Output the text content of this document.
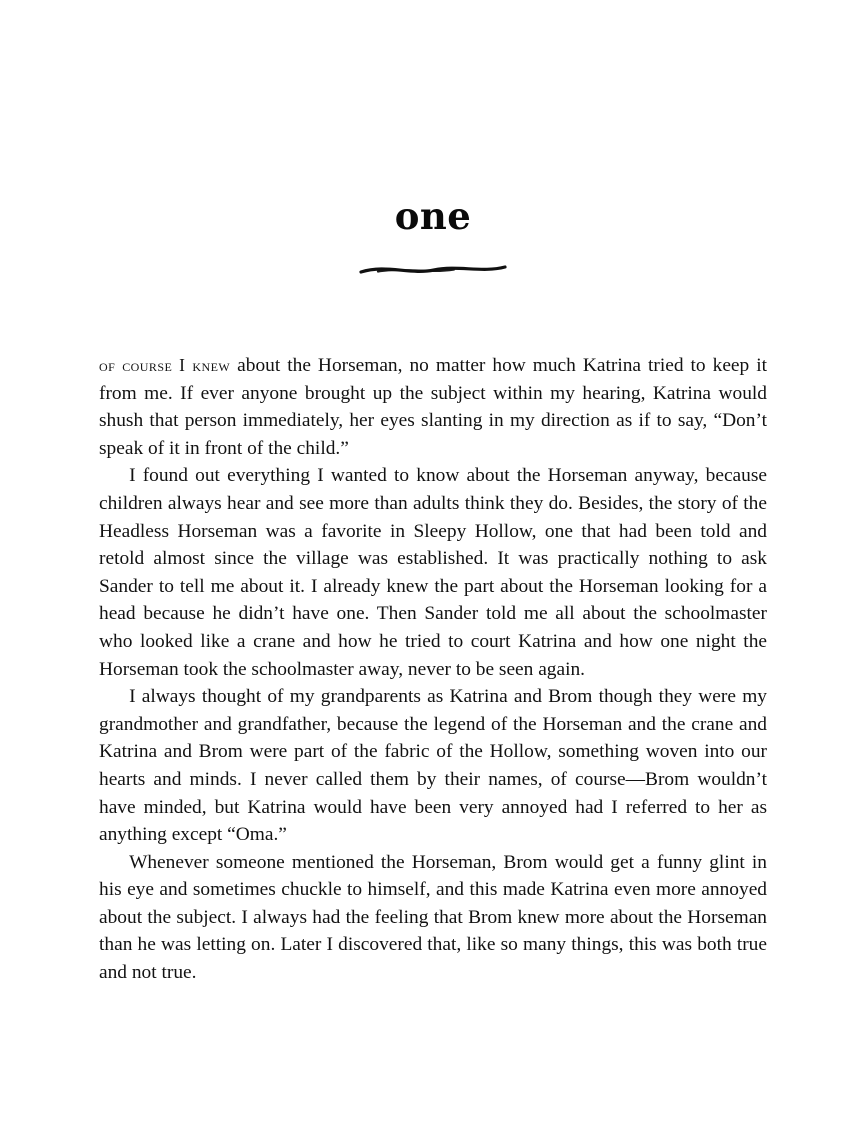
one

of course I knew about the Horseman, no matter how much Katrina tried to keep it from me. If ever anyone brought up the subject within my hearing, Katrina would shush that person immediately, her eyes slanting in my direction as if to say, “Don’t speak of it in front of the child.”

I found out everything I wanted to know about the Horseman anyway, because children always hear and see more than adults think they do. Besides, the story of the Headless Horseman was a favorite in Sleepy Hollow, one that had been told and retold almost since the village was established. It was practically nothing to ask Sander to tell me about it. I already knew the part about the Horseman looking for a head because he didn’t have one. Then Sander told me all about the schoolmaster who looked like a crane and how he tried to court Katrina and how one night the Horseman took the schoolmaster away, never to be seen again.

I always thought of my grandparents as Katrina and Brom though they were my grandmother and grandfather, because the legend of the Horseman and the crane and Katrina and Brom were part of the fabric of the Hollow, something woven into our hearts and minds. I never called them by their names, of course—Brom wouldn’t have minded, but Katrina would have been very annoyed had I referred to her as anything except “Oma.”

Whenever someone mentioned the Horseman, Brom would get a funny glint in his eye and sometimes chuckle to himself, and this made Katrina even more annoyed about the subject. I always had the feeling that Brom knew more about the Horseman than he was letting on. Later I discovered that, like so many things, this was both true and not true.
